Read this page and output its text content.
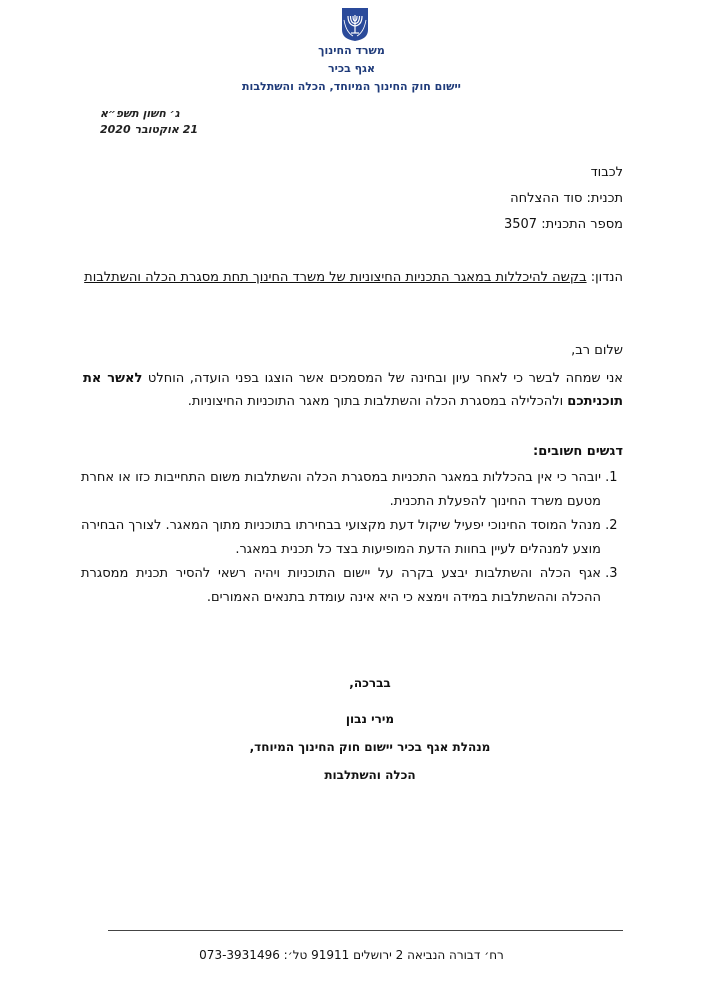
משרד החינוך
אגף בכיר
יישום חוק החינוך המיוחד, הכלה והשתלבות
ג׳ חשון תשפ״א
21 אוקטובר 2020
לכבוד
תכנית: סוד ההצלחה
מספר התכנית: 3507
הנדון: בקשה להיכללות במאגר התכניות החיצוניות של משרד החינוך תחת מסגרת הכלה והשתלבות
שלום רב,
אני שמחה לבשר כי לאחר עיון ובחינה של המסמכים אשר הוצגו בפני הועדה, הוחלט לאשר את תוכניתכם ולהכלילה במסגרת הכלה והשתלבות בתוך מאגר התוכניות החיצוניות.
דגשים חשובים:
1. יובהר כי אין בהכללות במאגר התכניות במסגרת הכלה והשתלבות משום התחייבות כזו או אחרת מטעם משרד החינוך להפעלת התכנית.
2. מנהל המוסד החינוכי יפעיל שיקול דעת מקצועי בבחירתו בתוכניות מתוך המאגר. לצורך הבחירה מוצע למנהלים לעיין בחוות הדעת המופיעות בצד כל תכנית במאגר.
3. אגף הכלה והשתלבות יבצע בקרה על יישום התוכניות ויהיה רשאי להסיר תכנית ממסגרת ההכלה וההשתלבות במידה וימצא כי היא אינה עומדת בתנאים האמורים.
בברכה,
מירי נבון
מנהלת אגף בכיר יישום חוק החינוך המיוחד,
הכלה והשתלבות
רח׳ דבורה הנביאה 2 ירושלים 91911 טל׳: 073-3931496
